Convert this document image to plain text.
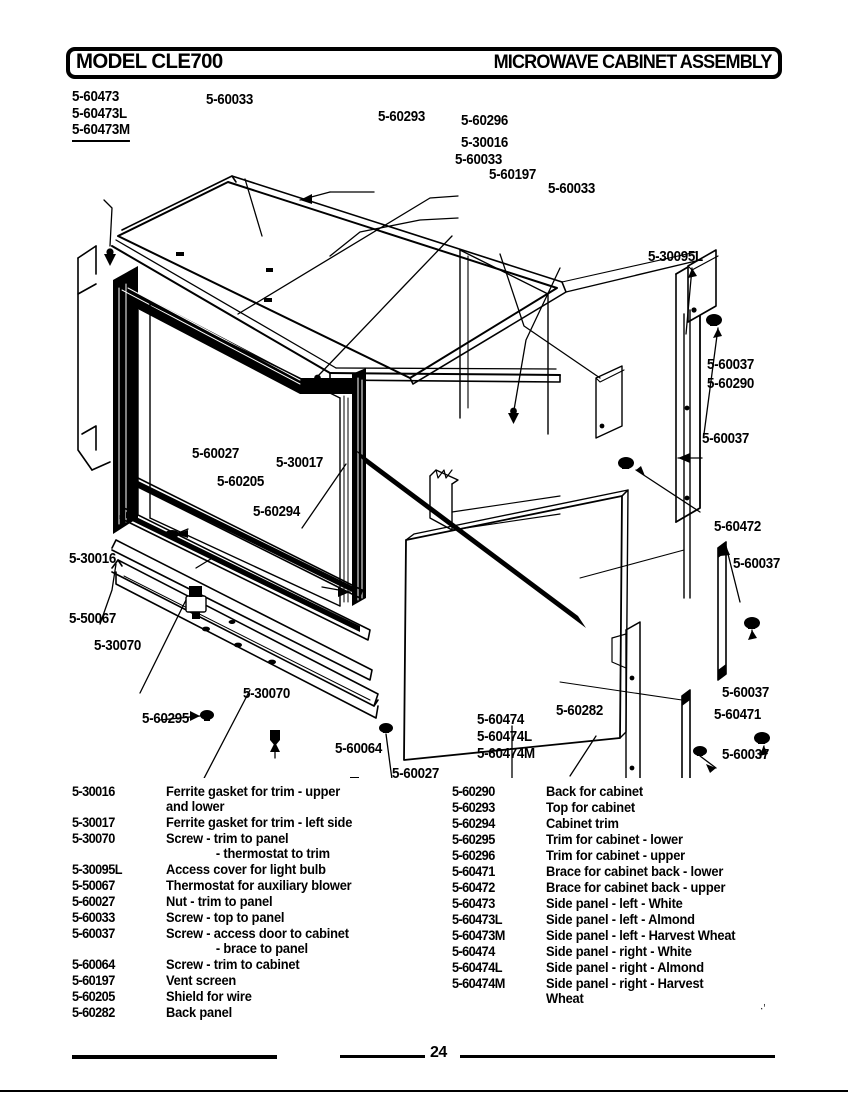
MODEL CLE700	MICROWAVE CABINET ASSEMBLY
5-60473
5-60473L
5-60473M
5-60033
5-60293 5-60296
5-30016
5-60033
5-60197
5-60033
5-30095L
5-60037
5-60290
5-60037
5-60472
5-60037
5-60037
5-60471
5-60037
5-60027
5-30017
5-60205
5-60294
5-30016
5-50067
5-30070
5-30070
5-60295
5-60064
5-60027
5-60474
5-60474L
5-60474M
5-60282
5-30016	Ferrite gasket for trim - upper
and lower
5-30017	Ferrite gasket for trim - left side
5-30070	Screw - trim to panel
- thermostat to trim
5-30095L	Access cover for light bulb
5-50067	Thermostat for auxiliary blower
5-60027	Nut - trim to panel
5-60033	Screw - top to panel
5-60037	Screw - access door to cabinet
- brace to panel
5-60064	Screw - trim to cabinet
5-60197	Vent screen
5-60205	Shield for wire
5-60282	Back panel
5-60290	Back for cabinet
5-60293	Top for cabinet
5-60294	Cabinet trim
5-60295	Trim for cabinet - lower
5-60296	Trim for cabinet - upper
5-60471	Brace for cabinet back - lower
5-60472	Brace for cabinet back - upper
5-60473	Side panel - left - White
5-60473L	Side panel - left - Almond
5-60473M	Side panel - left - Harvest Wheat
5-60474	Side panel - right - White
5-60474L	Side panel - right - Almond
5-60474M	Side panel - right - Harvest
Wheat
24
‧′
